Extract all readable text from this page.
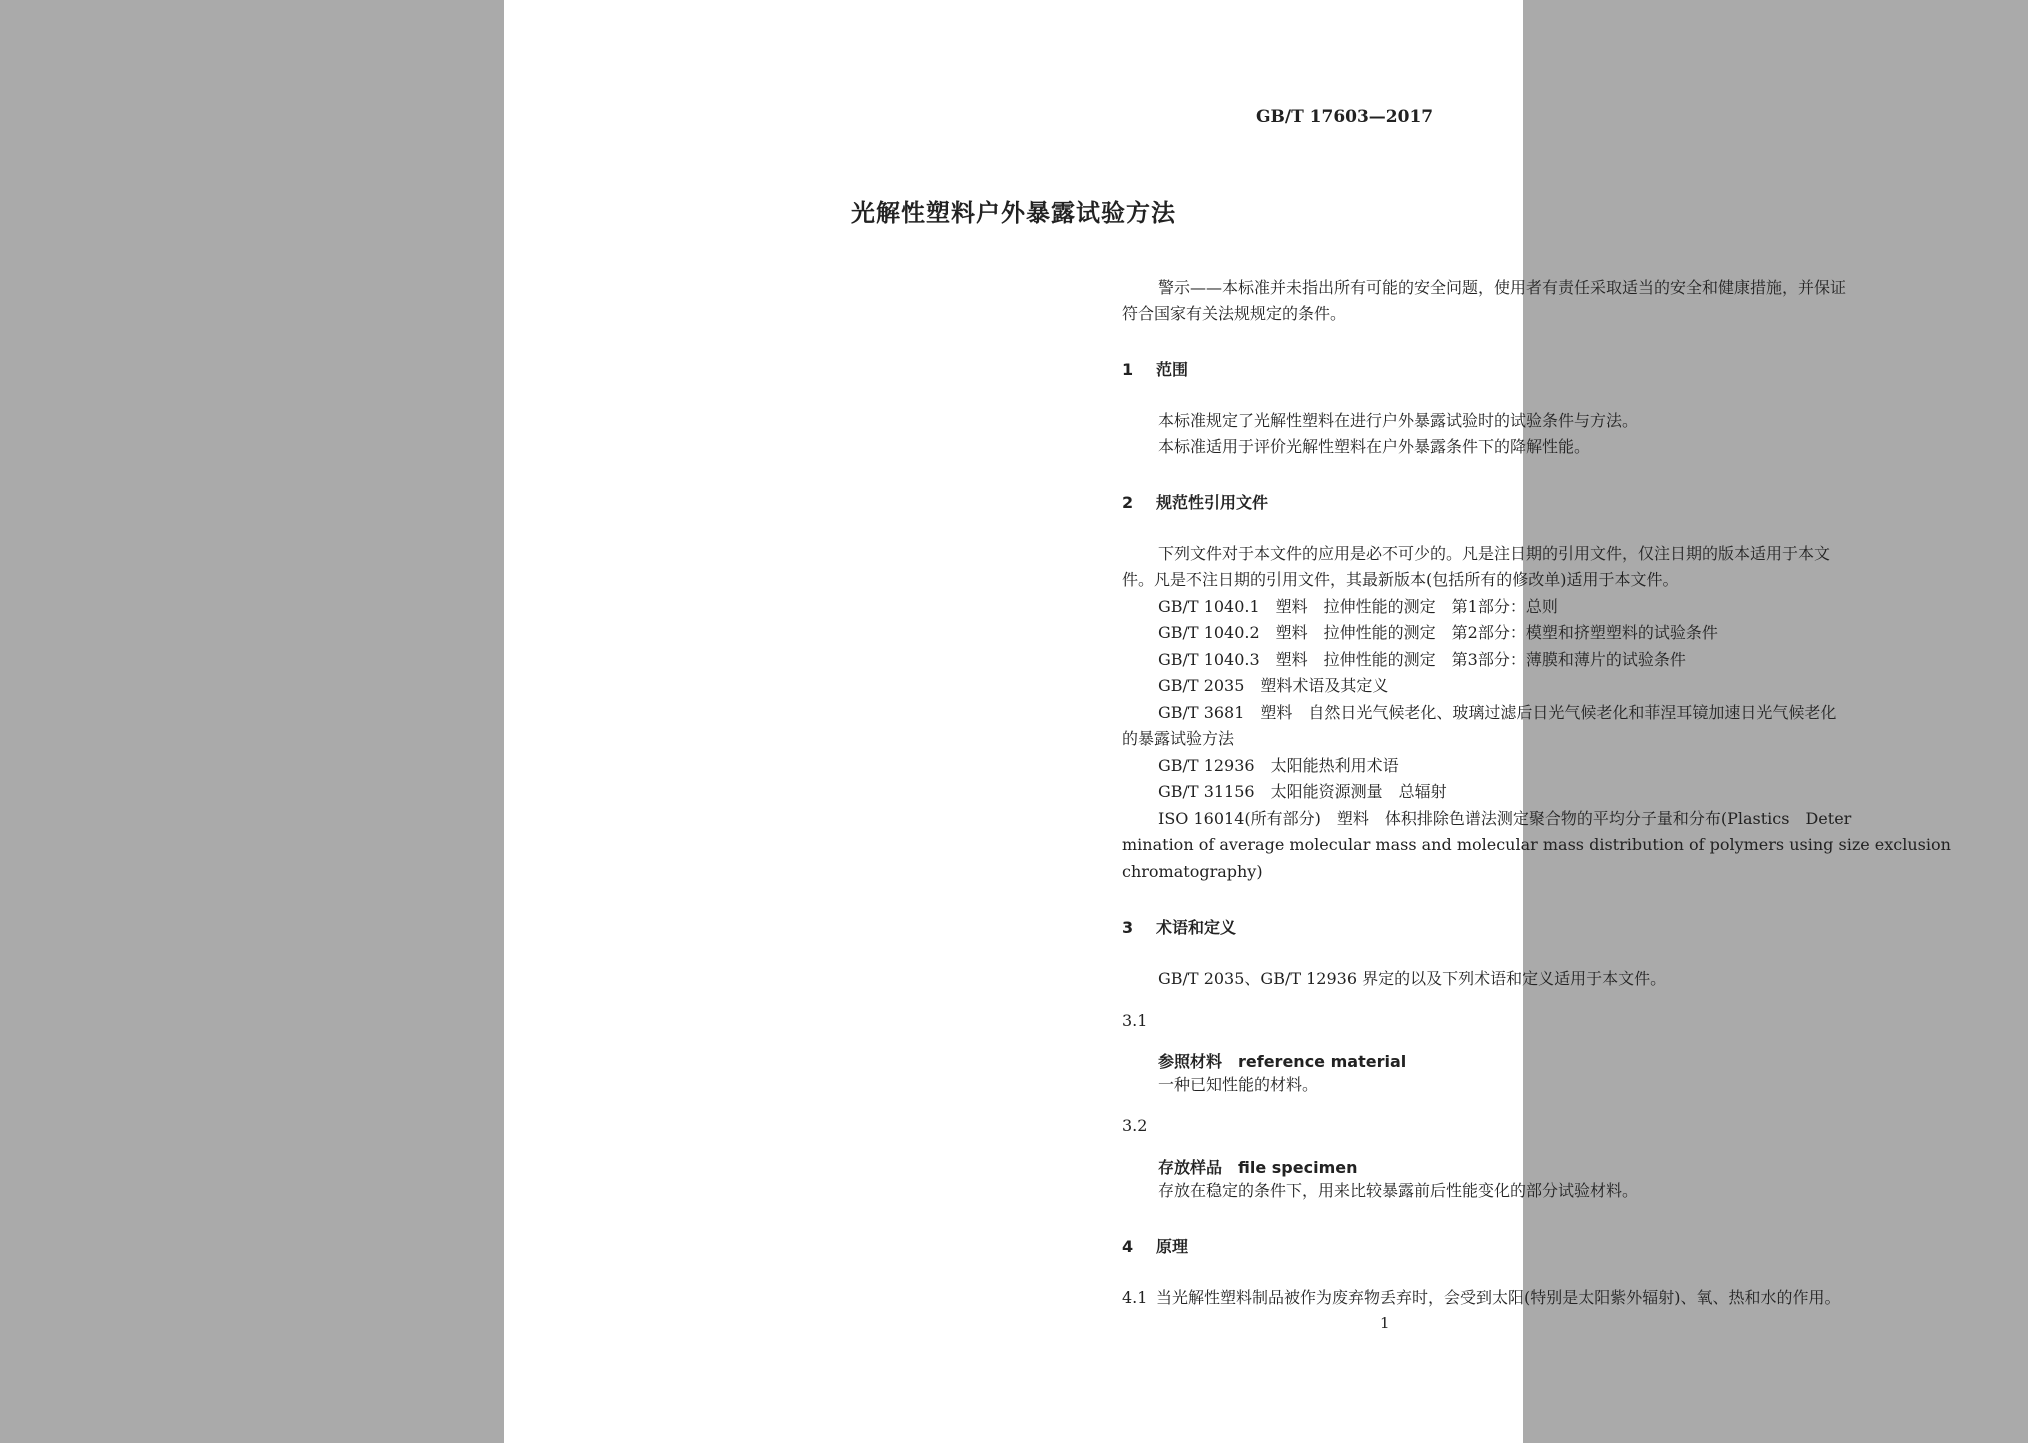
GB/T 17603—2017
光解性塑料户外暴露试验方法
警示——本标准并未指出所有可能的安全问题，使用者有责任采取适当的安全和健康措施，并保证
符合国家有关法规规定的条件。
1 范围
本标准规定了光解性塑料在进行户外暴露试验时的试验条件与方法。
本标准适用于评价光解性塑料在户外暴露条件下的降解性能。
2 规范性引用文件
下列文件对于本文件的应用是必不可少的。凡是注日期的引用文件，仅注日期的版本适用于本文
件。凡是不注日期的引用文件，其最新版本(包括所有的修改单)适用于本文件。
GB/T 1040.1　塑料　拉伸性能的测定　第1部分：总则
GB/T 1040.2　塑料　拉伸性能的测定　第2部分：模塑和挤塑塑料的试验条件
GB/T 1040.3　塑料　拉伸性能的测定　第3部分：薄膜和薄片的试验条件
GB/T 2035　塑料术语及其定义
GB/T 3681　塑料　自然日光气候老化、玻璃过滤后日光气候老化和菲涅耳镜加速日光气候老化
的暴露试验方法
GB/T 12936　太阳能热利用术语
GB/T 31156　太阳能资源测量　总辐射
ISO 16014(所有部分)　塑料　体积排除色谱法测定聚合物的平均分子量和分布(Plastics　Deter
mination of average molecular mass and molecular mass distribution of polymers using size exclusion
chromatography)
3 术语和定义
GB/T 2035、GB/T 12936 界定的以及下列术语和定义适用于本文件。
3.1
参照材料　reference material
一种已知性能的材料。
3.2
存放样品　file specimen
存放在稳定的条件下，用来比较暴露前后性能变化的部分试验材料。
4 原理
4.1 当光解性塑料制品被作为废弃物丢弃时，会受到太阳(特别是太阳紫外辐射)、氧、热和水的作用。
1
